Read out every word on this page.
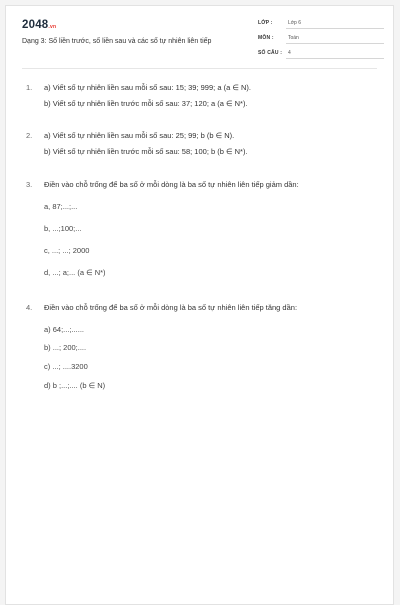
2048.vn
Dạng 3: Số liền trước, số liền sau và các số tự nhiên liên tiếp
LỚP :	Lớp 6
MÔN :	Toán
SỐ CÂU : 4
1. a) Viết số tự nhiên liền sau mỗi số sau: 15; 39; 999; a (a ∈ N).
b) Viết số tự nhiên liền trước mỗi số sau: 37; 120; a (a ∈ N*).
2. a) Viết số tự nhiên liền sau mỗi số sau: 25; 99; b (b ∈ N).
b) Viết số tự nhiên liền trước mỗi số sau: 58; 100; b (b ∈ N*).
3. Điền vào chỗ trống để ba số ở mỗi dòng là ba số tự nhiên liên tiếp giảm dần:
a, 87;...;...
b, ...;100;...
c, ...; ...; 2000
d, ...; a;... (a ∈ N*)
4. Điền vào chỗ trống để ba số ở mỗi dòng là ba số tự nhiên liên tiếp tăng dần:
a) 64;...;......
b) ...; 200;....
c) ...; ....3200
d) b ;...;.... (b ∈ N)
